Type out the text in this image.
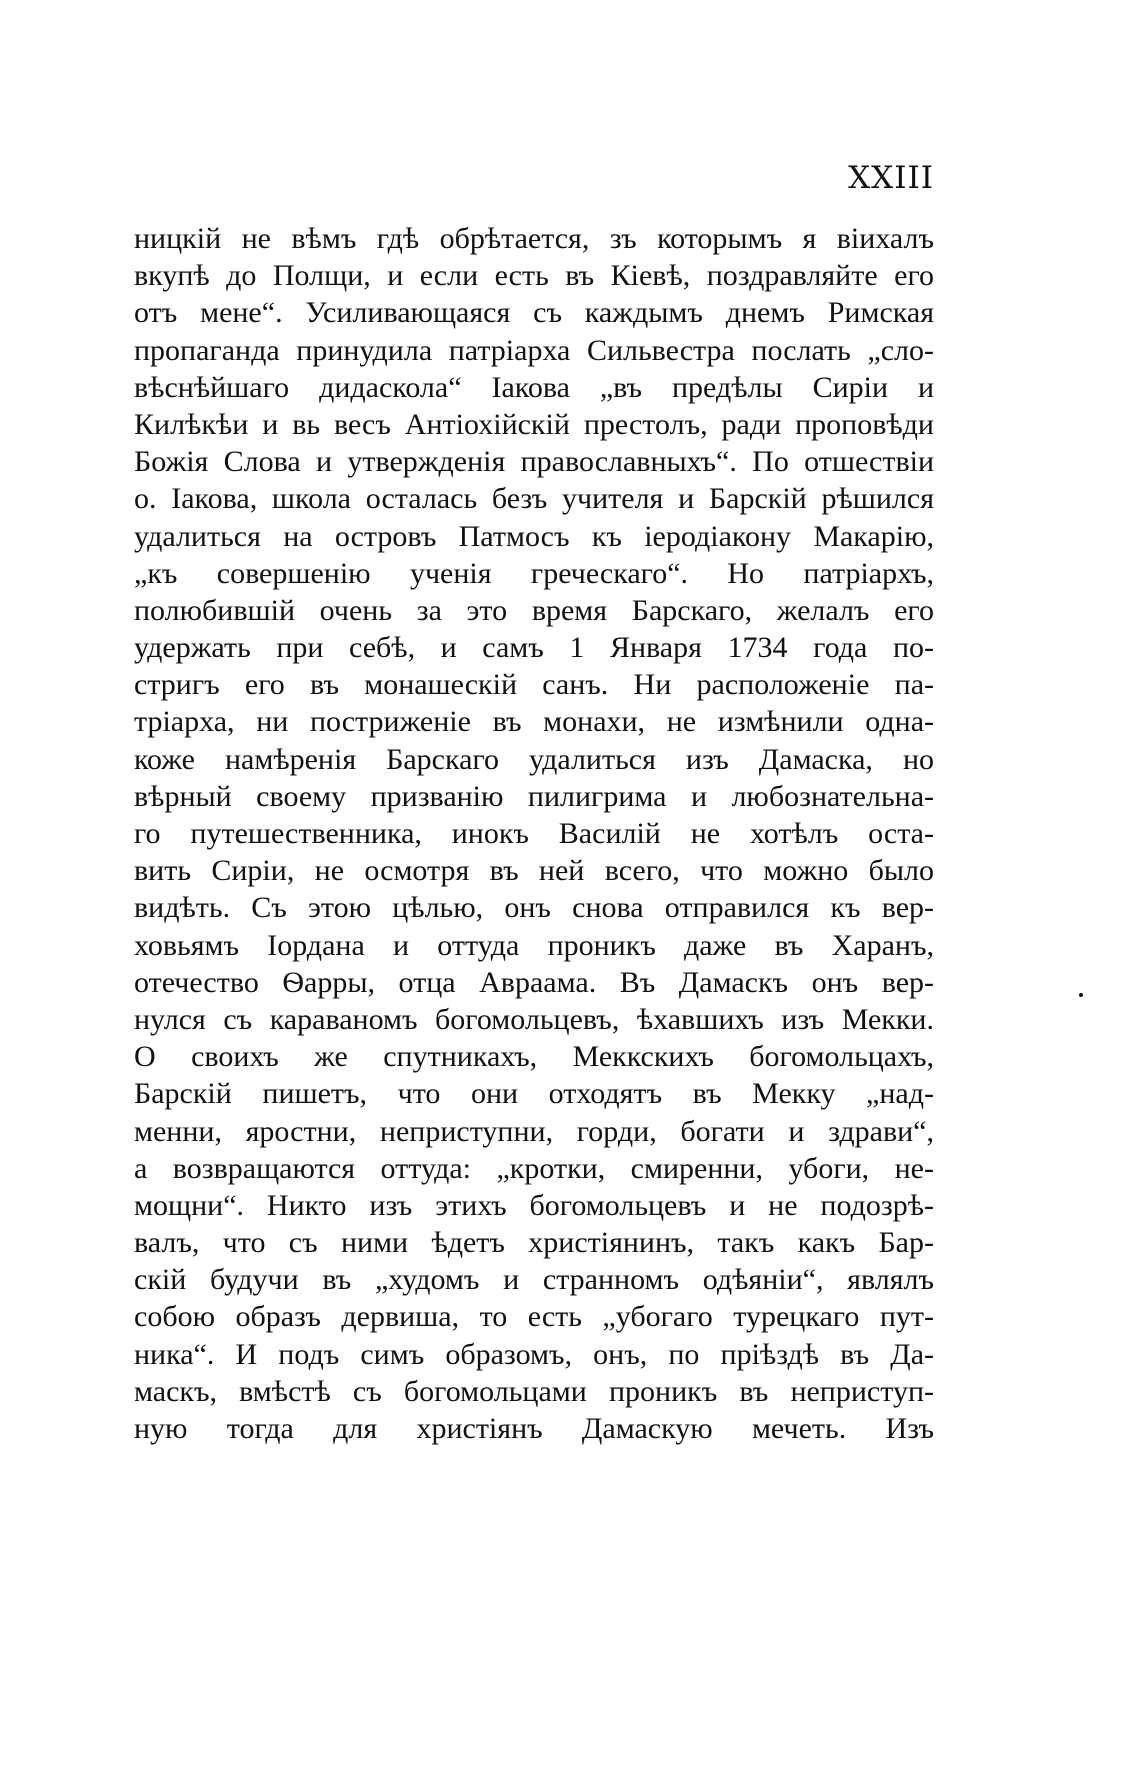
XXIII
ницкій не вѣмъ гдѣ обрѣтается, зъ которымъ я віихалъ
вкупѣ до Полщи, и если есть въ Кіевѣ, поздравляйте его
отъ мене“. Усиливающаяся съ каждымъ днемъ Римская
пропаганда принудила патріарха Сильвестра послать „сло-
вѣснѣйшаго дидаскола“ Іакова „въ предѣлы Сиріи и
Килѣкѣи и вь весъ Антіохійскій престолъ, ради проповѣди
Божія Слова и утвержденія православныхъ“. По отшествіи
о. Іакова, школа осталась безъ учителя и Барскій рѣшился
удалиться на островъ Патмосъ къ іеродіакону Макарію,
„къ совершенію ученія греческаго“. Но патріархъ,
полюбившій очень за это время Барскаго, желалъ его
удержать при себѣ, и самъ 1 Января 1734 года по-
стригъ его въ монашескій санъ. Ни расположеніе па-
тріарха, ни постриженіе въ монахи, не измѣнили одна-
коже намѣренія Барскаго удалиться изъ Дамаска, но
вѣрный своему призванію пилигрима и любознательна-
го путешественника, инокъ Василій не хотѣлъ оста-
вить Сиріи, не осмотря въ ней всего, что можно было
видѣть. Съ этою цѣлью, онъ снова отправился къ вер-
ховьямъ Іордана и оттуда проникъ даже въ Харанъ,
отечество Ѳарры, отца Авраама. Въ Дамаскъ онъ вер-
нулся съ караваномъ богомольцевъ, ѣхавшихъ изъ Мекки.
О своихъ же спутникахъ, Меккскихъ богомольцахъ,
Барскій пишетъ, что они отходятъ въ Мекку „над-
менни, яростни, неприступни, горди, богати и здрави“,
а возвращаются оттуда: „кротки, смиренни, убоги, не-
мощни“. Никто изъ этихъ богомольцевъ и не подозрѣ-
валъ, что съ ними ѣдетъ христіянинъ, такъ какъ Бар-
скій будучи въ „худомъ и странномъ одѣяніи“, являлъ
собою образъ дервиша, то есть „убогаго турецкаго пут-
ника“. И подъ симъ образомъ, онъ, по пріѣздѣ въ Да-
маскъ, вмѣстѣ съ богомольцами проникъ въ неприступ-
ную тогда для христіянъ Дамаскую мечеть. Изъ
